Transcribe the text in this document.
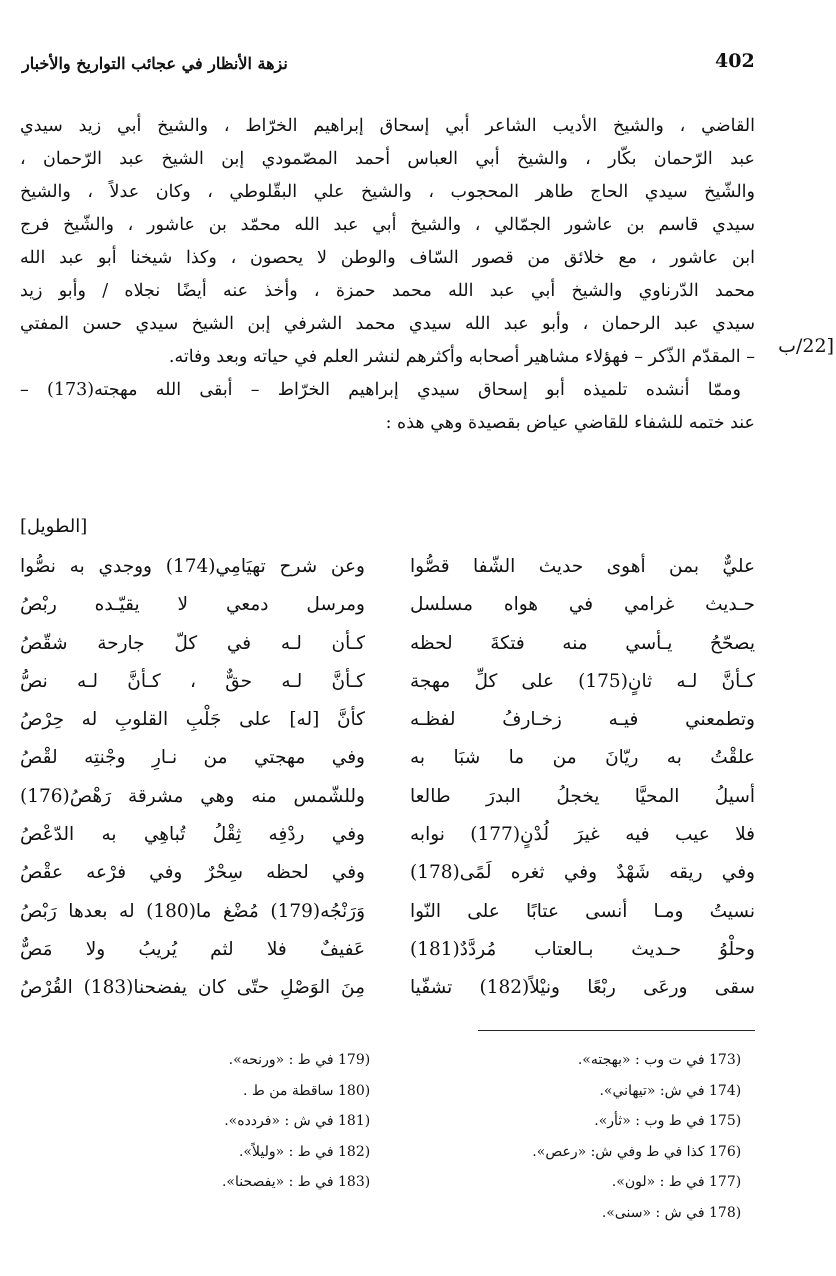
402
نزهة الأنظار في عجائب التواريخ والأخبار
[22/ب
القاضي ، والشيخ الأديب الشاعر أبي إسحاق إبراهيم الخرّاط ، والشيخ أبي زيد سيدي
عبد الرّحمان بكّار ، والشيخ أبي العباس أحمد المصّمودي إبن الشيخ عبد الرّحمان ،
والشّيخ سيدي الحاج طاهر المحجوب ، والشيخ علي البقّلوطي ، وكان عدلاً ، والشيخ
سيدي قاسم بن عاشور الجمّالي ، والشيخ أبي عبد الله محمّد بن عاشور ، والشّيخ فرج
ابن عاشور ، مع خلائق من قصور السّاف والوطن لا يحصون ، وكذا شيخنا أبو عبد الله
محمد الدّرناوي والشيخ أبي عبد الله محمد حمزة ، وأخذ عنه أيضًا نجلاه / وأبو زيد
سيدي عبد الرحمان ، وأبو عبد الله سيدي محمد الشرفي إبن الشيخ سيدي حسن المفتي
– المقدّم الذّكر – فهؤلاء مشاهير أصحابه وأكثرهم لنشر العلم في حياته وبعد وفاته.
وممّا أنشده تلميذه أبو إسحاق سيدي إبراهيم الخرّاط – أبقى الله مهجته(173) –
عند ختمه للشفاء للقاضي عياض بقصيدة وهي هذه :
[الطويل]
عليٌّ بمن أهوى حديث الشّفا قصُّوا
حـديث غرامي في هواه مسلسل
يصحّحُ يـأسي منه فتكةَ لحظه
كـأنَّ لـه ثانٍ(175) على كلِّ مهجة
وتطمعني فيـه زخـارفُ لفظـه
علقْتُ به ريّانَ من ما شبَا به
أسيلُ المحيَّا يخجلُ البدرَ طالعا
فلا عيب فيه غيرَ لُدْنٍ(177) نوابه
وفي ريقه شَهْدٌ وفي ثغره لَمًى(178)
نسيتُ ومـا أنسى عتابًا على النّوا
وحلْوُ حـديث بـالعتاب مُردَّدٌ(181)
سقى ورعَى ربْعًا ونيْلاً(182) تشفّيا
وعن شرح تهيَامِي(174) ووجدي به نصُّوا
ومرسل دمعي لا يقيّـده ربْصُ
كـأن لـه في كلّ جارحة شقّصُ
كـأنَّ لـه حقٌّ ، كـأنَّ لـه نصُّ
كأنَّ [له] على جَلْبِ القلوبِ له حِرْصُ
وفي مهجتي من نـارِ وجْنتِه لقْصُ
وللشّمس منه وهي مشرقة رَهْصُ(176)
وفي ردْفِه ثِقْلُ تُباهِي به الدّعْصُ
وفي لحظه سِحْرٌ وفي فرْعه عقْصُ
وَرَنْجُه(179) مُضْغ ما(180) له بعدها رَبْصُ
عَفيفٌ فلا لثم يُريبُ ولا مَصٌّ
مِنَ الوَصْلِ حتّى كان يفضحنا(183) القُرْصُ
173) في ت وب : «بهجته».
174) في ش: «تيهاني».
175) في ط وب : «ثأر».
176) كذا في ط وفي ش: «رعص».
177) في ط : «لون».
178) في ش : «سنى».
179) في ط : «ورنحه».
180) ساقطة من ط .
181) في ش : «فردده».
182) في ط : «وليلاً».
183) في ط : «يفصحنا».
